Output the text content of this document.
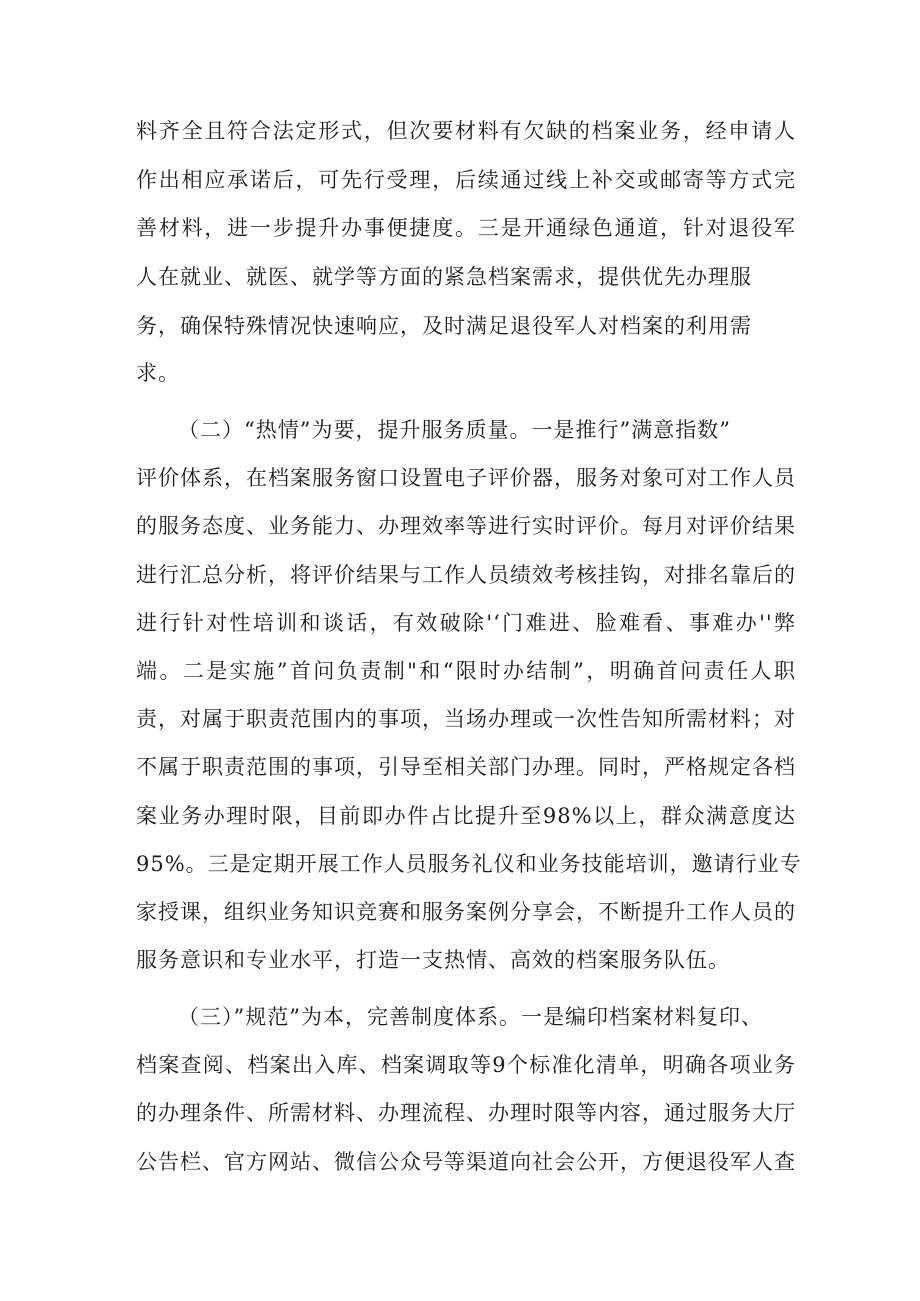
料齐全且符合法定形式，但次要材料有欠缺的档案业务，经申请人
作出相应承诺后，可先行受理，后续通过线上补交或邮寄等方式完
善材料，进一步提升办事便捷度。三是开通绿色通道，针对退役军
人在就业、就医、就学等方面的紧急档案需求，提供优先办理服
务，确保特殊情况快速响应，及时满足退役军人对档案的利用需
求。
（二）“热情”为要，提升服务质量。一是推行”满意指数”
评价体系，在档案服务窗口设置电子评价器，服务对象可对工作人员
的服务态度、业务能力、办理效率等进行实时评价。每月对评价结果
进行汇总分析，将评价结果与工作人员绩效考核挂钩，对排名靠后的
进行针对性培训和谈话，有效破除'‘门难进、脸难看、事难办''弊
端。二是实施”首问负责制"和“限时办结制”，明确首问责任人职
责，对属于职责范围内的事项，当场办理或一次性告知所需材料；对
不属于职责范围的事项，引导至相关部门办理。同时，严格规定各档
案业务办理时限，目前即办件占比提升至98%以上，群众满意度达
95%。三是定期开展工作人员服务礼仪和业务技能培训，邀请行业专
家授课，组织业务知识竞赛和服务案例分享会，不断提升工作人员的
服务意识和专业水平，打造一支热情、高效的档案服务队伍。
（三）”规范”为本，完善制度体系。一是编印档案材料复印、
档案查阅、档案出入库、档案调取等9个标准化清单，明确各项业务
的办理条件、所需材料、办理流程、办理时限等内容，通过服务大厅
公告栏、官方网站、微信公众号等渠道向社会公开，方便退役军人查
